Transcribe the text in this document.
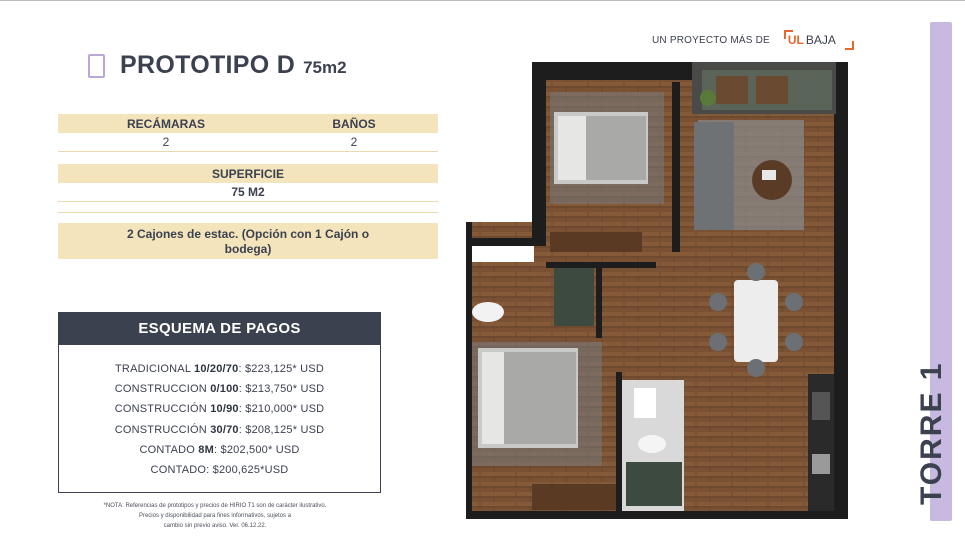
UN PROYECTO MÁS DE UL BAJA
PROTOTIPO D 75m2
RECÁMARAS	BAÑOS
2	2
SUPERFICIE
75 M2
2 Cajones de estac. (Opción con 1 Cajón o bodega)
ESQUEMA DE PAGOS
TRADICIONAL 10/20/70: $223,125* USD
CONSTRUCCION 0/100: $213,750* USD
CONSTRUCCIÓN 10/90: $210,000* USD
CONSTRUCCIÓN 30/70: $208,125* USD
CONTADO 8M: $202,500* USD
CONTADO: $200,625*USD
*NOTA: Referencias de prototipos y precios de HIRIO T1 son de carácter ilustrativo.
Precios y disponibilidad para fines informativos, sujetos a
cambio sin previo aviso. Ver. 06.12.22.
TORRE 1
